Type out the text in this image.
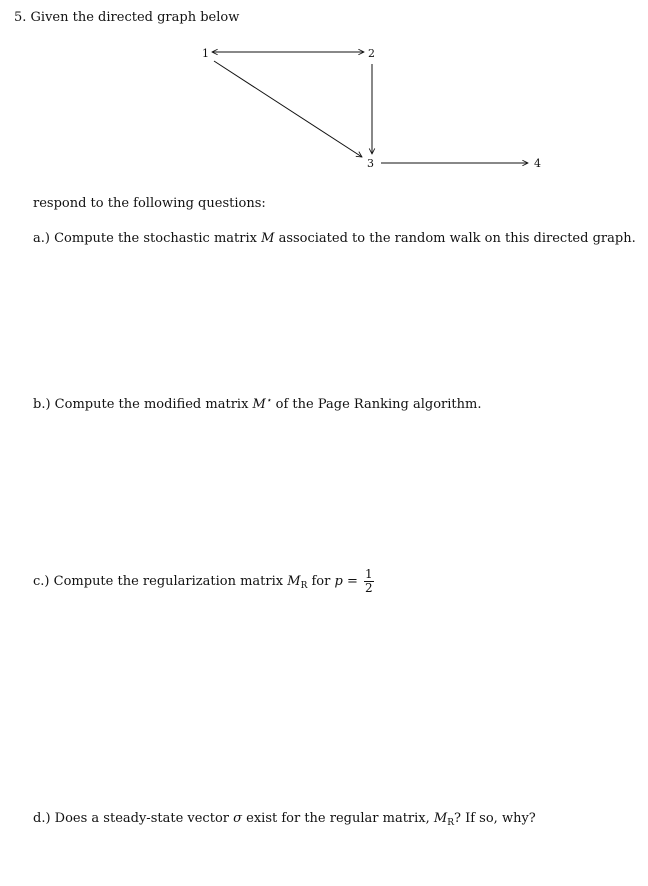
5. Given the directed graph below
1	2
3	4
respond to the following questions:
a.) Compute the stochastic matrix M associated to the random walk on this directed graph.
b.) Compute the modified matrix M⋆ of the Page Ranking algorithm.
c.) Compute the regularization matrix $M_R$ for $p = \frac{1}{2}$
d.) Does a steady-state vector σ exist for the regular matrix, $M_R$? If so, why?
